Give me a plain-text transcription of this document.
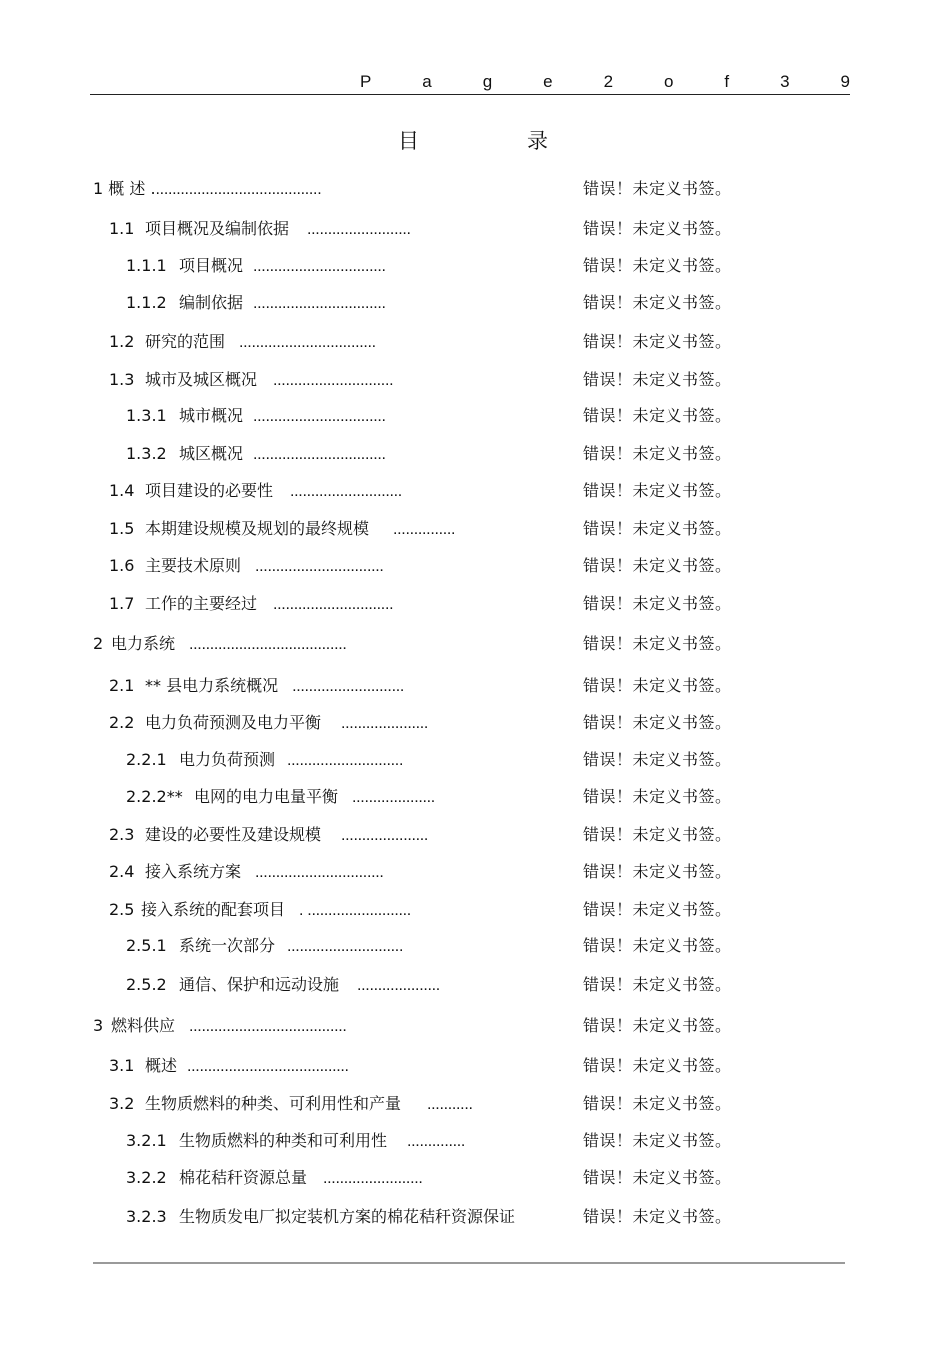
P	a	g	e	2	o	f	3	9
目	录
1 概 述 .........................................	错误！未定义书签。
1.1 项目概况及编制依据 .........................	错误！未定义书签。
1.1.1 项目概况 ................................	错误！未定义书签。
1.1.2 编制依据 ................................	错误！未定义书签。
1.2 研究的范围 .................................	错误！未定义书签。
1.3 城市及城区概况 .............................	错误！未定义书签。
1.3.1 城市概况 ................................	错误！未定义书签。
1.3.2 城区概况 ................................	错误！未定义书签。
1.4 项目建设的必要性 ...........................	错误！未定义书签。
1.5 本期建设规模及规划的最终规模 ...............	错误！未定义书签。
1.6 主要技术原则 ...............................	错误！未定义书签。
1.7 工作的主要经过 .............................	错误！未定义书签。
2 电力系统 ......................................	错误！未定义书签。
2.1 ** 县电力系统概况 ...........................	错误！未定义书签。
2.2 电力负荷预测及电力平衡 .....................	错误！未定义书签。
2.2.1 电力负荷预测 ............................	错误！未定义书签。
2.2.2** 电网的电力电量平衡 ....................	错误！未定义书签。
2.3 建设的必要性及建设规模 .....................	错误！未定义书签。
2.4 接入系统方案 ...............................	错误！未定义书签。
2.5 接入系统的配套项目 . .........................	错误！未定义书签。
2.5.1 系统一次部分 ............................	错误！未定义书签。
2.5.2 通信、保护和远动设施 ....................	错误！未定义书签。
3 燃料供应 ......................................	错误！未定义书签。
3.1 概述 .......................................	错误！未定义书签。
3.2 生物质燃料的种类、可利用性和产量 ...........	错误！未定义书签。
3.2.1 生物质燃料的种类和可利用性 ..............	错误！未定义书签。
3.2.2 棉花秸秆资源总量 ........................	错误！未定义书签。
3.2.3 生物质发电厂拟定装机方案的棉花秸秆资源保证	错误！未定义书签。
